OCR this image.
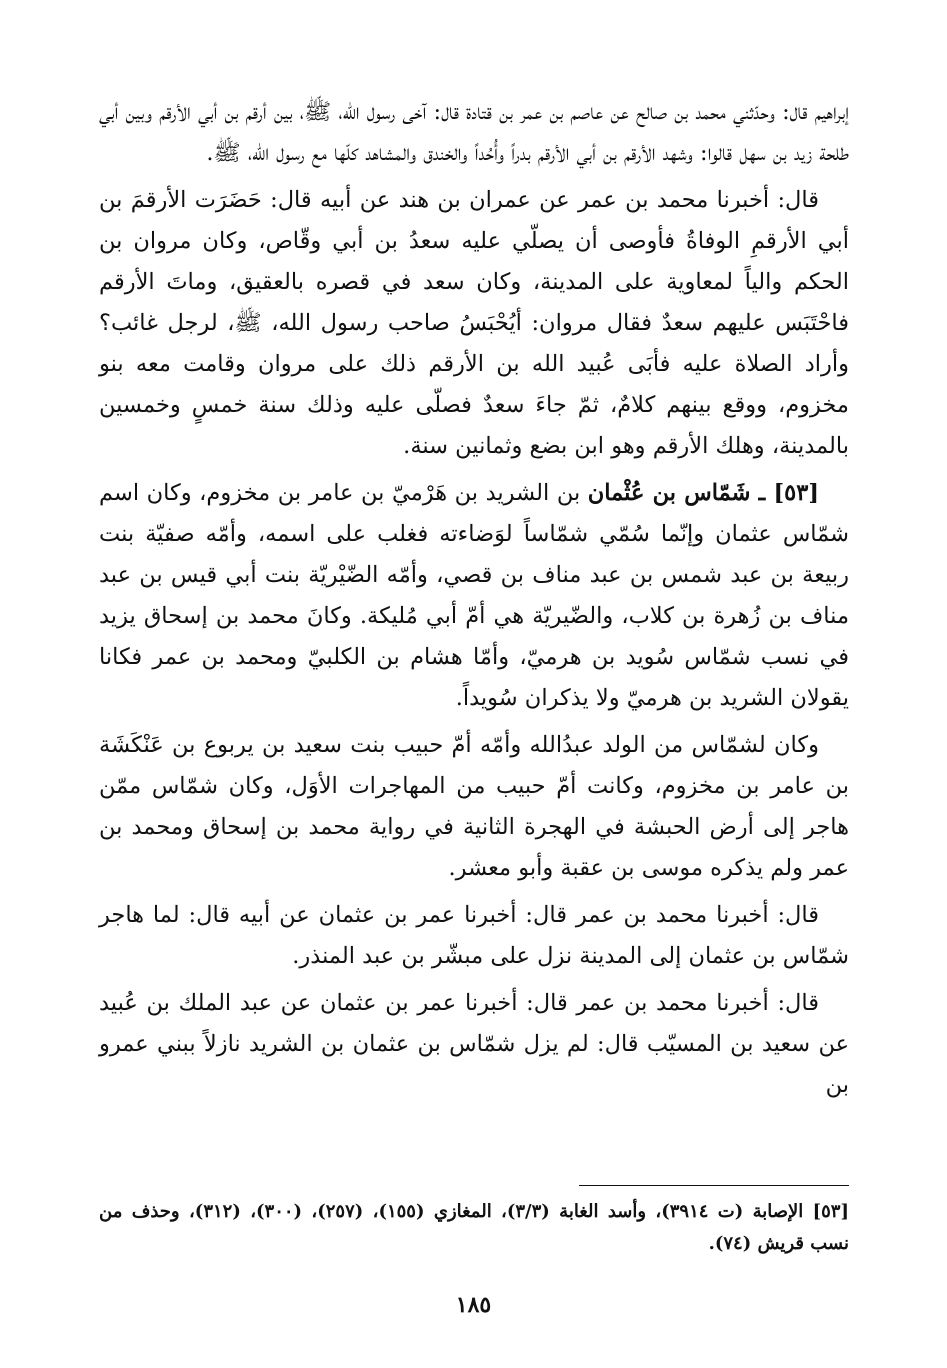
إبراهيم قال: وحدّثني محمد بن صالح عن عاصم بن عمر بن قتادة قال: آخى رسول الله، ﷺ، بين أرقم بن أبي الأرقم وبين أبي طلحة زيد بن سهل قالوا: وشهد الأرقم بن أبي الأرقم بدراً وأُحُداً والخندق والمشاهد كلّها مع رسول الله، ﷺ.

قال: أخبرنا محمد بن عمر عن عمران بن هند عن أبيه قال: حَضَرَت الأرقمَ بن أبي الأرقمِ الوفاةُ فأوصى أن يصلّي عليه سعدُ بن أبي وقّاص، وكان مروان بن الحكم والياً لمعاوية على المدينة، وكان سعد في قصره بالعقيق، وماتَ الأرقم فاحْتَبَس عليهم سعدٌ فقال مروان: أيُحْبَسُ صاحب رسول الله، ﷺ، لرجل غائب؟ وأراد الصلاة عليه فأبَى عُبيد الله بن الأرقم ذلك على مروان وقامت معه بنو مخزوم، ووقع بينهم كلامٌ، ثمّ جاءَ سعدٌ فصلّى عليه وذلك سنة خمسٍ وخمسين بالمدينة، وهلك الأرقم وهو ابن بضع وثمانين سنة.

[٥٣] ـ شَمّاس بن عُثْمان بن الشريد بن هَرْميّ بن عامر بن مخزوم، وكان اسم شمّاس عثمان وإنّما سُمّي شمّاساً لوَضاءته فغلب على اسمه، وأمّه صفيّة بنت ربيعة بن عبد شمس بن عبد مناف بن قصي، وأمّه الضّيْريّة بنت أبي قيس بن عبد مناف بن زُهرة بن كلاب، والضّيريّة هي أمّ أبي مُليكة. وكانَ محمد بن إسحاق يزيد في نسب شمّاس سُويد بن هرميّ، وأمّا هشام بن الكلبيّ ومحمد بن عمر فكانا يقولان الشريد بن هرميّ ولا يذكران سُويداً.

وكان لشمّاس من الولد عبدُالله وأمّه أمّ حبيب بنت سعيد بن يربوع بن عَنْكَشَة بن عامر بن مخزوم، وكانت أمّ حبيب من المهاجرات الأوَل، وكان شمّاس ممّن هاجر إلى أرض الحبشة في الهجرة الثانية في رواية محمد بن إسحاق ومحمد بن عمر ولم يذكره موسى بن عقبة وأبو معشر.

قال: أخبرنا محمد بن عمر قال: أخبرنا عمر بن عثمان عن أبيه قال: لما هاجر شمّاس بن عثمان إلى المدينة نزل على مبشّر بن عبد المنذر.

قال: أخبرنا محمد بن عمر قال: أخبرنا عمر بن عثمان عن عبد الملك بن عُبيد عن سعيد بن المسيّب قال: لم يزل شمّاس بن عثمان بن الشريد نازلاً ببني عمرو بن

[٥٣] الإصابة (ت ٣٩١٤)، وأسد الغابة (٣/٣)، المغازي (١٥٥)، (٢٥٧)، (٣٠٠)، (٣١٢)، وحذف من نسب قريش (٧٤).
١٨٥
